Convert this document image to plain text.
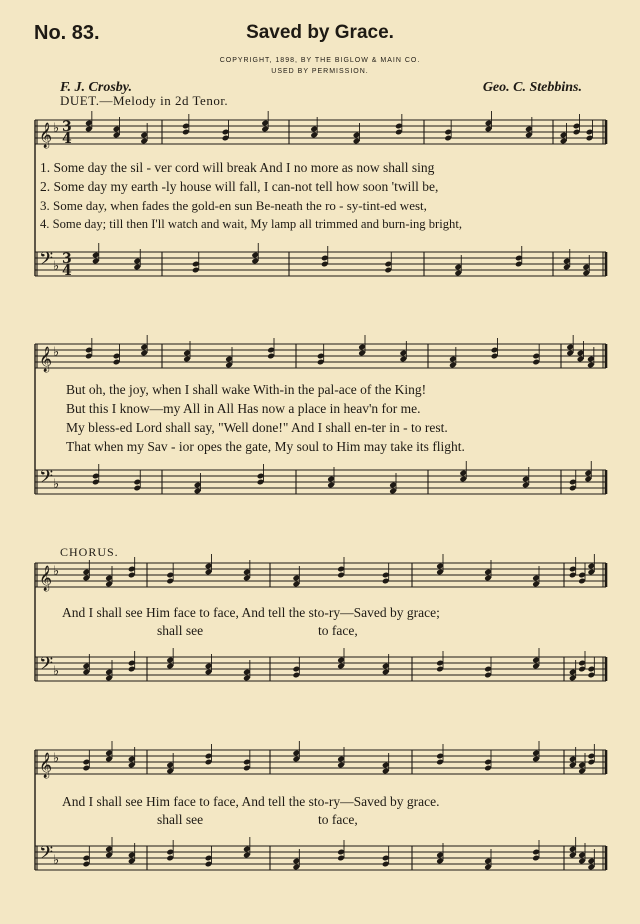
𝄞
𝄢
♭
♭
𝄞
𝄢
♭
♭
𝄞
𝄢
♭
♭
𝄞
𝄢
♭
♭
3
4
3
4
No. 83.	Saved by Grace.
COPYRIGHT, 1898, BY THE BIGLOW & MAIN CO.
USED BY PERMISSION.
F. J. Crosby.	Geo. C. Stebbins.
DUET.—Melody in 2d Tenor.
1. Some day the sil - ver cord will break And I no more as now shall sing
2. Some day my earth -ly house will fall, I can-not tell how soon 'twill be,
3. Some day, when fades the gold-en sun Be-neath the ro - sy-tint-ed west,
4. Some day; till then I'll watch and wait, My lamp all trimmed and burn-ing bright,
But oh, the joy, when I shall wake With-in the pal-ace of the King!
But this I know—my All in All Has now a place in heav'n for me.
My bless-ed Lord shall say, "Well done!" And I shall en-ter in - to rest.
That when my Sav - ior opes the gate, My soul to Him may take its flight.
CHORUS.
And I shall see Him face to face, And tell the sto-ry—Saved by grace;
shall see	to face,
And I shall see Him face to face, And tell the sto-ry—Saved by grace.
shall see	to face,
